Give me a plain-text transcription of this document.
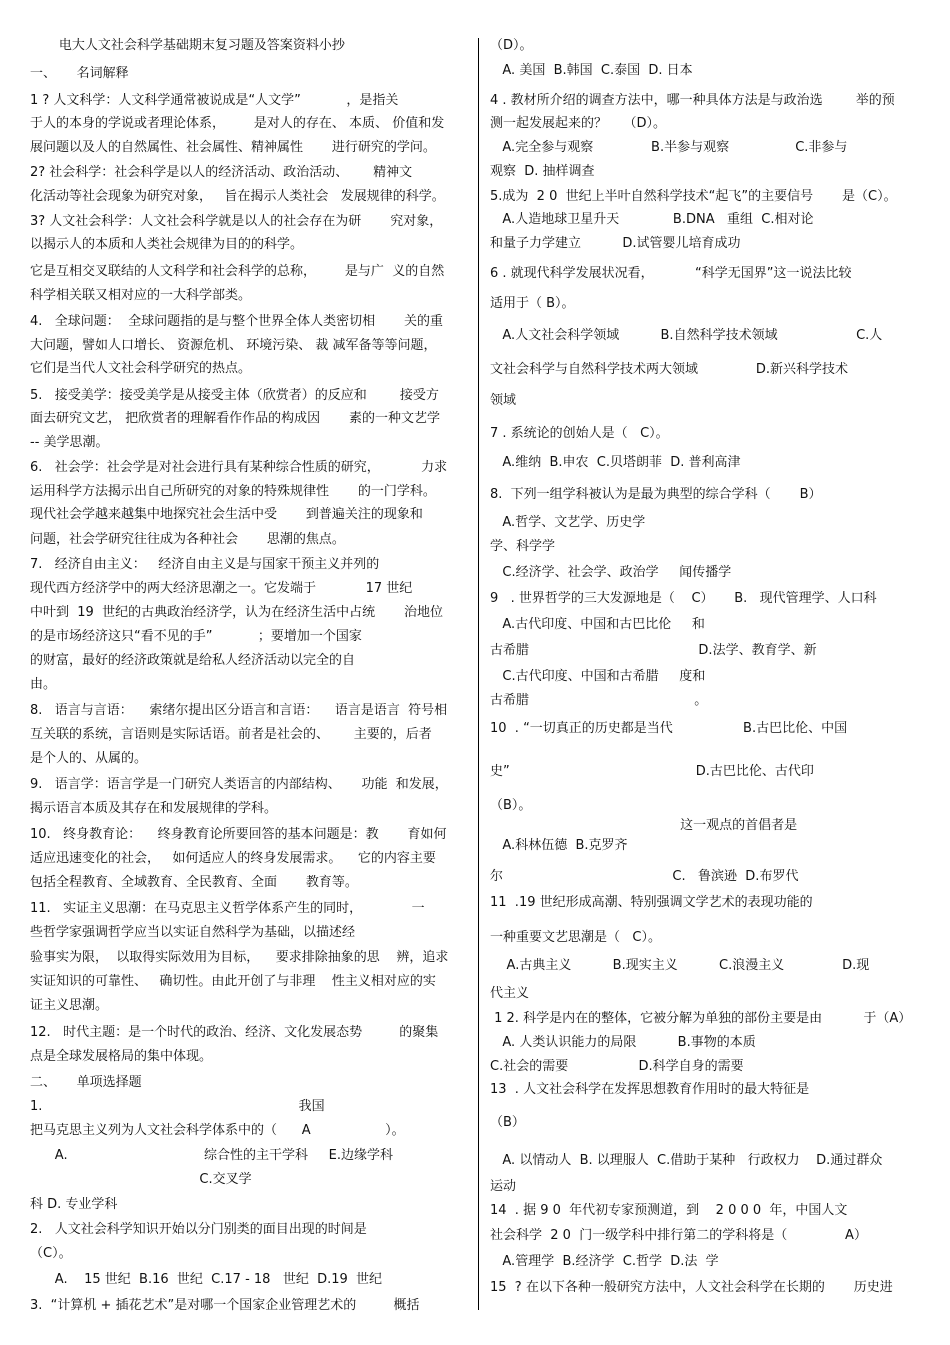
电大人文社会科学基础期末复习题及答案资料小抄
一、     名词解释
1 ? 人文科学：人文科学通常被说成是“人文学”           ，是指关
于人的本身的学说或者理论体系，       是对人的存在、 本质、 价值和发
展问题以及人的自然属性、社会属性、精神属性       进行研究的学问。
2? 社会科学：社会科学是以人的经济活动、政治活动、      精神文
化活动等社会现象为研究对象，   旨在揭示人类社会   发展规律的科学。
3? 人文社会科学：人文社会科学就是以人的社会存在为研       究对象，
以揭示人的本质和人类社会规律为目的的科学。
它是互相交叉联结的人文科学和社会科学的总称，       是与广  义的自然
科学相关联又相对应的一大科学部类。
4.   全球问题：  全球问题指的是与整个世界全体人类密切相       关的重
大问题，譬如人口增长、 资源危机、 环境污染、 裁 减军备等等问题，
它们是当代人文社会科学研究的热点。
5.   接受美学：接受美学是从接受主体（欣赏者）的反应和        接受方
面去研究文艺， 把欣赏者的理解看作作品的构成因       素的一种文艺学
-- 美学思潮。
6.   社会学：社会学是对社会进行具有某种综合性质的研究，          力求
运用科学方法揭示出自己所研究的对象的特殊规律性       的一门学科。
现代社会学越来越集中地探究社会生活中受       到普遍关注的现象和
问题，社会学研究往往成为各种社会       思潮的焦点。
7.   经济自由主义：   经济自由主义是与国家干预主义并列的
现代西方经济学中的两大经济思潮之一。它发端于            17 世纪
中叶到  19  世纪的古典政治经济学，认为在经济生活中占统       治地位
的是市场经济这只“看不见的手”           ；要增加一个国家
的财富，最好的经济政策就是给私人经济活动以完全的自
由。
8.   语言与言语：    索绪尔提出区分语言和言语：    语言是语言  符号相
互关联的系统，言语则是实际话语。前者是社会的、      主要的，后者
是个人的、从属的。
9.   语言学：语言学是一门研究人类语言的内部结构、     功能  和发展，
揭示语言本质及其存在和发展规律的学科。
10.   终身教育论：    终身教育论所要回答的基本问题是：教       育如何
适应迅速变化的社会，   如何适应人的终身发展需求。    它的内容主要
包括全程教育、全域教育、全民教育、全面       教育等。
11.   实证主义思潮：在马克思主义哲学体系产生的同时，            一
些哲学家强调哲学应当以实证自然科学为基础，以描述经
验事实为限，  以取得实际效用为目标，    要求排除抽象的思    辨，追求
实证知识的可靠性、   确切性。由此开创了与非理    性主义相对应的实
证主义思潮。
12.   时代主题：是一个时代的政治、经济、文化发展态势         的聚集
点是全球发展格局的集中体现。
二、     单项选择题
1.                                                              我国
把马克思主义列为人文社会科学体系中的（      A                  ）。
A.                                 综合性的主干学科     E.边缘学科
C.交叉学
科 D. 专业学科
2.   人文社会科学知识开始以分门别类的面目出现的时间是
（C）。
A.    15 世纪  B.16  世纪  C.17 - 18   世纪  D.19  世纪
3.  “计算机 + 插花艺术”是对哪一个国家企业管理艺术的         概括
（D）。
A. 美国  B.韩国  C.泰国  D. 日本
4 . 教材所介绍的调查方法中，哪一种具体方法是与政治选        举的预
测一起发展起来的？    （D）。
A.完全参与观察              B.半参与观察                C.非参与
观察  D. 抽样调查
5.成为  2 0  世纪上半叶自然科学技术“起飞”的主要信号       是（C）。
A.人造地球卫星升天             B.DNA   重组  C.相对论
和量子力学建立          D.试管婴儿培育成功
6 . 就现代科学发展状况看，          “科学无国界”这一说法比较
适用于（ B）。
A.人文社会科学领域          B.自然科学技术领域                   C.人
文社会科学与自然科学技术两大领域              D.新兴科学技术
领域
7 . 系统论的创始人是（   C）。
A.维纳  B.申农  C.贝塔朗菲  D. 普利高津
8.  下列一组学科被认为是最为典型的综合学科（       B）
A.哲学、文艺学、历史学
学、科学学
C.经济学、社会学、政治学     闻传播学
9   . 世界哲学的三大发源地是（    C）     B.   现代管理学、人口科
A.古代印度、中国和古巴比伦     和
古希腊                                         D.法学、教育学、新
C.古代印度、中国和古希腊     度和
古希腊                                        。
10  . “一切真正的历史都是当代                 B.古巴比伦、中国
史”                                             D.古巴比伦、古代印
（B）。
这一观点的首倡者是
A.科林伍德  B.克罗齐
尔                                         C.   鲁滨逊  D.布罗代
11  .19 世纪形成高潮、特别强调文学艺术的表现功能的
一种重要文艺思潮是（   C）。
A.古典主义          B.现实主义          C.浪漫主义              D.现
代主义
1 2. 科学是内在的整体，它被分解为单独的部份主要是由          于（A）
A. 人类认识能力的局限          B.事物的本质
C.社会的需要                 D.科学自身的需要
13  . 人文社会科学在发挥思想教育作用时的最大特征是
（B）
A. 以情动人  B. 以理服人  C.借助于某种   行政权力    D.通过群众
运动
14  . 据 9 0  年代初专家预测道，到    2 0 0 0  年，中国人文
社会科学  2 0  门一级学科中排行第二的学科将是（              A）
A.管理学  B.经济学  C.哲学  D.法  学
15  ? 在以下各种一般研究方法中，人文社会科学在长期的       历史进
